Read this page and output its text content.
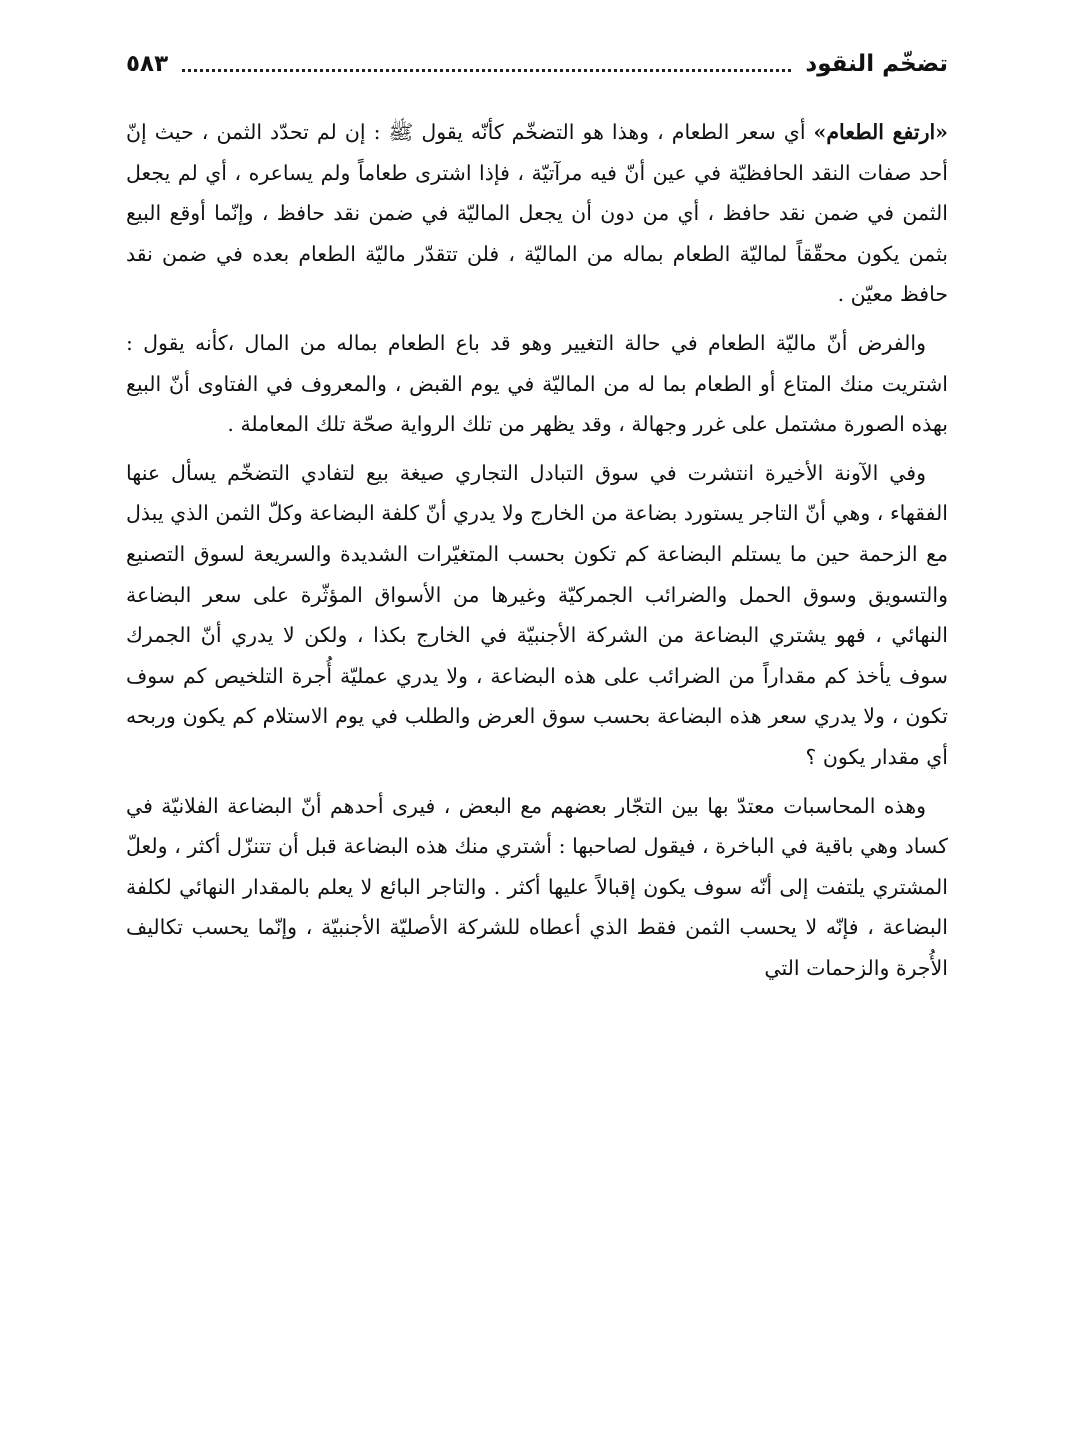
تضخّم النقود
٥٨٣

«ارتفع الطعام» أي سعر الطعام ، وهذا هو التضخّم كأنّه يقول ﷺ : إن لم تحدّد الثمن ، حيث إنّ أحد صفات النقد الحافظيّة في عين أنّ فيه مرآتيّة ، فإذا اشترى طعاماً ولم يساعره ، أي لم يجعل الثمن في ضمن نقد حافظ ، أي من دون أن يجعل الماليّة في ضمن نقد حافظ ، وإنّما أوقع البيع بثمن يكون محقّقاً لماليّة الطعام بماله من الماليّة ، فلن تتقدّر ماليّة الطعام بعده في ضمن نقد حافظ معيّن .

والفرض أنّ ماليّة الطعام في حالة التغيير وهو قد باع الطعام بماله من المال ،كأنه يقول : اشتريت منك المتاع أو الطعام بما له من الماليّة في يوم القبض ، والمعروف في الفتاوى أنّ البيع بهذه الصورة مشتمل على غرر وجهالة ، وقد يظهر من تلك الرواية صحّة تلك المعاملة .

وفي الآونة الأخيرة انتشرت في سوق التبادل التجاري صيغة بيع لتفادي التضخّم يسأل عنها الفقهاء ، وهي أنّ التاجر يستورد بضاعة من الخارج ولا يدري أنّ كلفة البضاعة وكلّ الثمن الذي يبذل مع الزحمة حين ما يستلم البضاعة كم تكون بحسب المتغيّرات الشديدة والسريعة لسوق التصنيع والتسويق وسوق الحمل والضرائب الجمركيّة وغيرها من الأسواق المؤثّرة على سعر البضاعة النهائي ، فهو يشتري البضاعة من الشركة الأجنبيّة في الخارج بكذا ، ولكن لا يدري أنّ الجمرك سوف يأخذ كم مقداراً من الضرائب على هذه البضاعة ، ولا يدري عمليّة أُجرة التلخيص كم سوف تكون ، ولا يدري سعر هذه البضاعة بحسب سوق العرض والطلب في يوم الاستلام كم يكون وربحه أي مقدار يكون ؟

وهذه المحاسبات معتدّ بها بين التجّار بعضهم مع البعض ، فيرى أحدهم أنّ البضاعة الفلانيّة في كساد وهي باقية في الباخرة ، فيقول لصاحبها : أشتري منك هذه البضاعة قبل أن تتنزّل أكثر ، ولعلّ المشتري يلتفت إلى أنّه سوف يكون إقبالاً عليها أكثر . والتاجر البائع لا يعلم بالمقدار النهائي لكلفة البضاعة ، فإنّه لا يحسب الثمن فقط الذي أعطاه للشركة الأصليّة الأجنبيّة ، وإنّما يحسب تكاليف الأُجرة والزحمات التي
